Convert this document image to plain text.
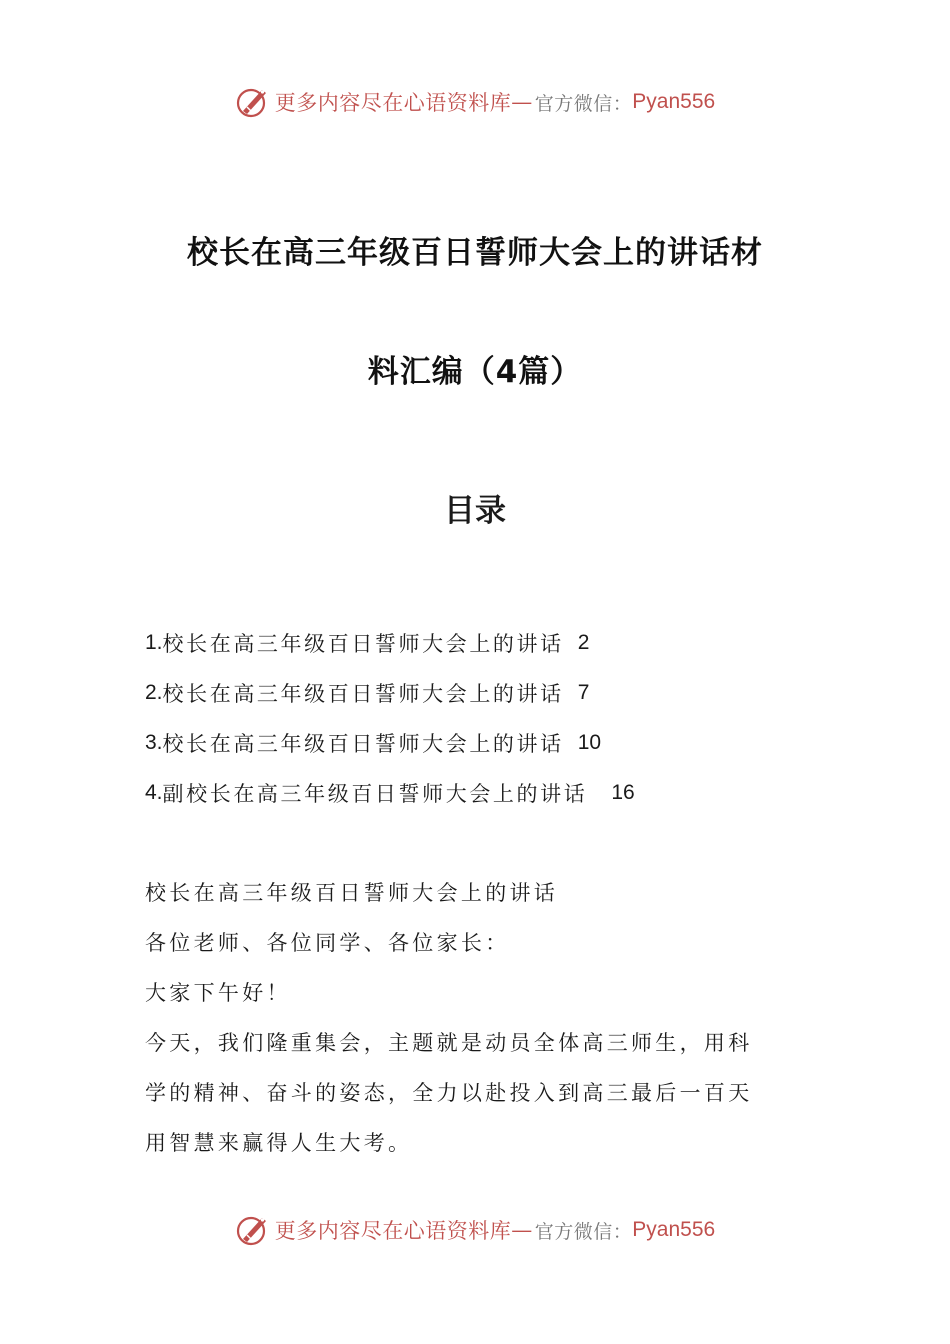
更多内容尽在心语资料库 — 官方微信： Pyan556
校长在高三年级百日誓师大会上的讲话材
料汇编（4篇）
目录
1. 校长在高三年级百日誓师大会上的讲话 2
2. 校长在高三年级百日誓师大会上的讲话 7
3. 校长在高三年级百日誓师大会上的讲话 10
4. 副校长在高三年级百日誓师大会上的讲话 16

校长在高三年级百日誓师大会上的讲话

各位老师、各位同学、各位家长：

大家下午好！

今天，我们隆重集会，主题就是动员全体高三师生，用科

学的精神、奋斗的姿态，全力以赴投入到高三最后一百天

用智慧来赢得人生大考。

更多内容尽在心语资料库 — 官方微信： Pyan556
